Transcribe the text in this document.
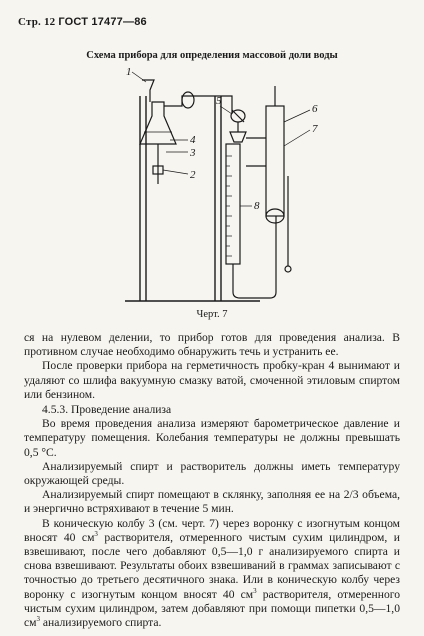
Стр. 12 ГОСТ 17477—86
Схема прибора для определения массовой доли воды
1
2
3
4
5
6
7
8
Черт. 7

ся на нулевом делении, то прибор готов для проведения анализа. В противном случае необходимо обнаружить течь и устранить ее.

После проверки прибора на герметичность пробку-кран 4 вынимают и удаляют со шлифа вакуумную смазку ватой, смоченной этиловым спиртом или бензином.

4.5.3. Проведение анализа

Во время проведения анализа измеряют барометрическое давление и температуру помещения. Колебания температуры не должны превышать 0,5 °С.

Анализируемый спирт и растворитель должны иметь температуру окружающей среды.

Анализируемый спирт помещают в склянку, заполняя ее на 2/3 объема, и энергично встряхивают в течение 5 мин.

В коническую колбу 3 (см. черт. 7) через воронку с изогнутым концом вносят 40 $см^3$ растворителя, отмеренного чистым сухим цилиндром, и взвешивают, после чего добавляют 0,5—1,0 г анализируемого спирта и снова взвешивают. Результаты обоих взвешиваний в граммах записывают с точностью до третьего десятичного знака. Или в коническую колбу через воронку с изогнутым концом вносят 40 $см^3$ растворителя, отмеренного чистым сухим цилиндром, затем добавляют при помощи пипетки 0,5—1,0 $см^3$ анализируемого спирта.
